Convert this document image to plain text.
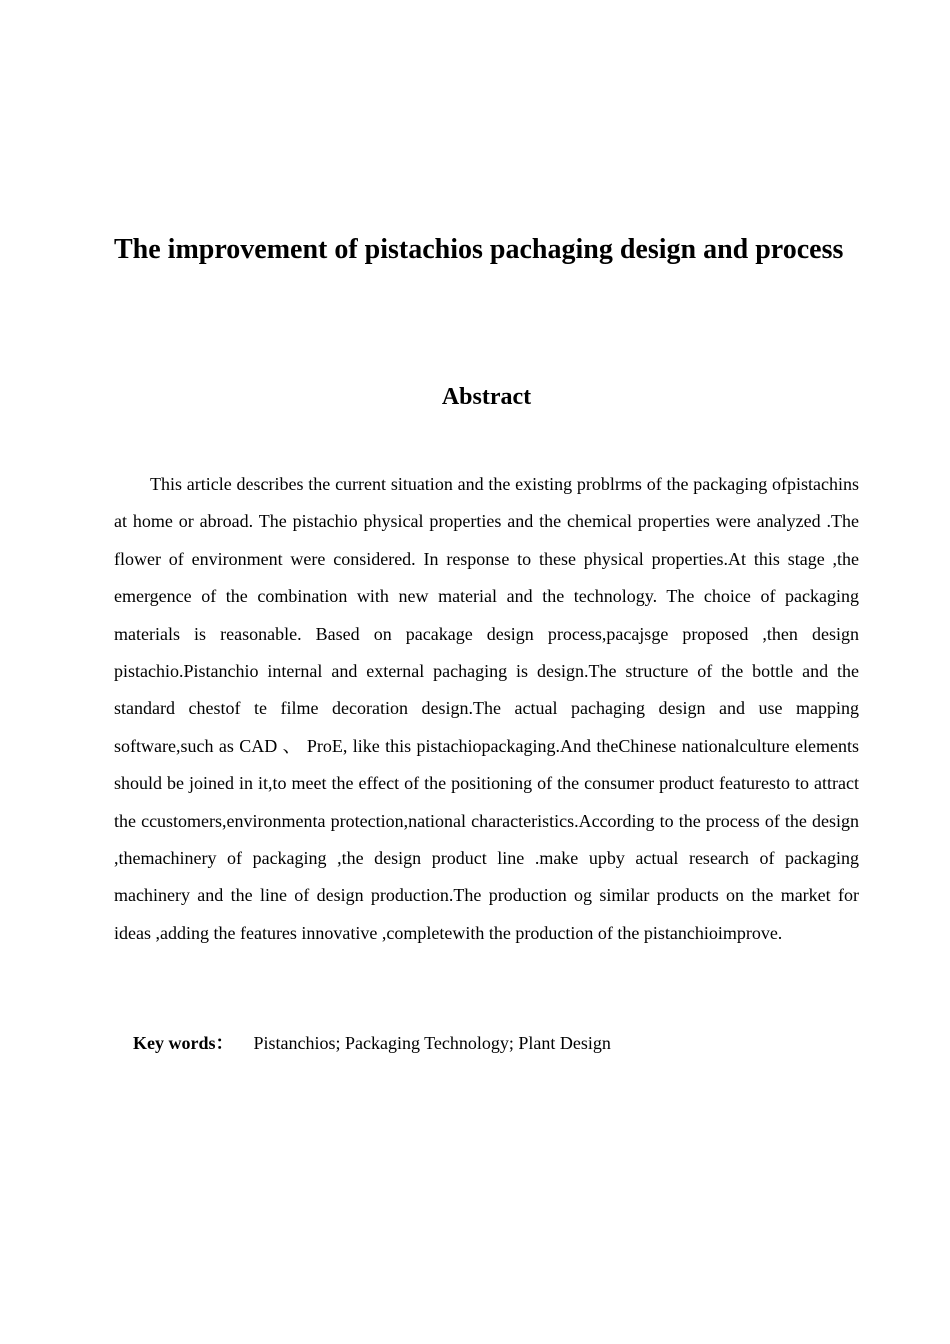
The improvement of pistachios pachaging design and process
Abstract

This article describes the current situation and the existing problrms of the packaging ofpistachins at home or abroad. The pistachio physical properties and the chemical properties were analyzed .The flower of environment were considered. In response to these physical properties.At this stage ,the emergence of the combination with new material and the technology. The choice of packaging materials is reasonable. Based on pacakage design process,pacajsge proposed ,then design pistachio.Pistanchio internal and external pachaging is design.The structure of the bottle and the standard chestof te filme decoration design.The actual pachaging design and use mapping software,such as CAD 、 ProE, like this pistachiopackaging.And theChinese nationalculture elements should be joined in it,to meet the effect of the positioning of the consumer product featuresto to attract the ccustomers,environmenta protection,national characteristics.According to the process of the design ,themachinery of packaging ,the design product line .make upby actual research of packaging machinery and the line of design production.The production og similar products on the market for ideas ,adding the features innovative ,completewith the production of the pistanchioimprove.

Key words： Pistanchios; Packaging Technology; Plant Design
